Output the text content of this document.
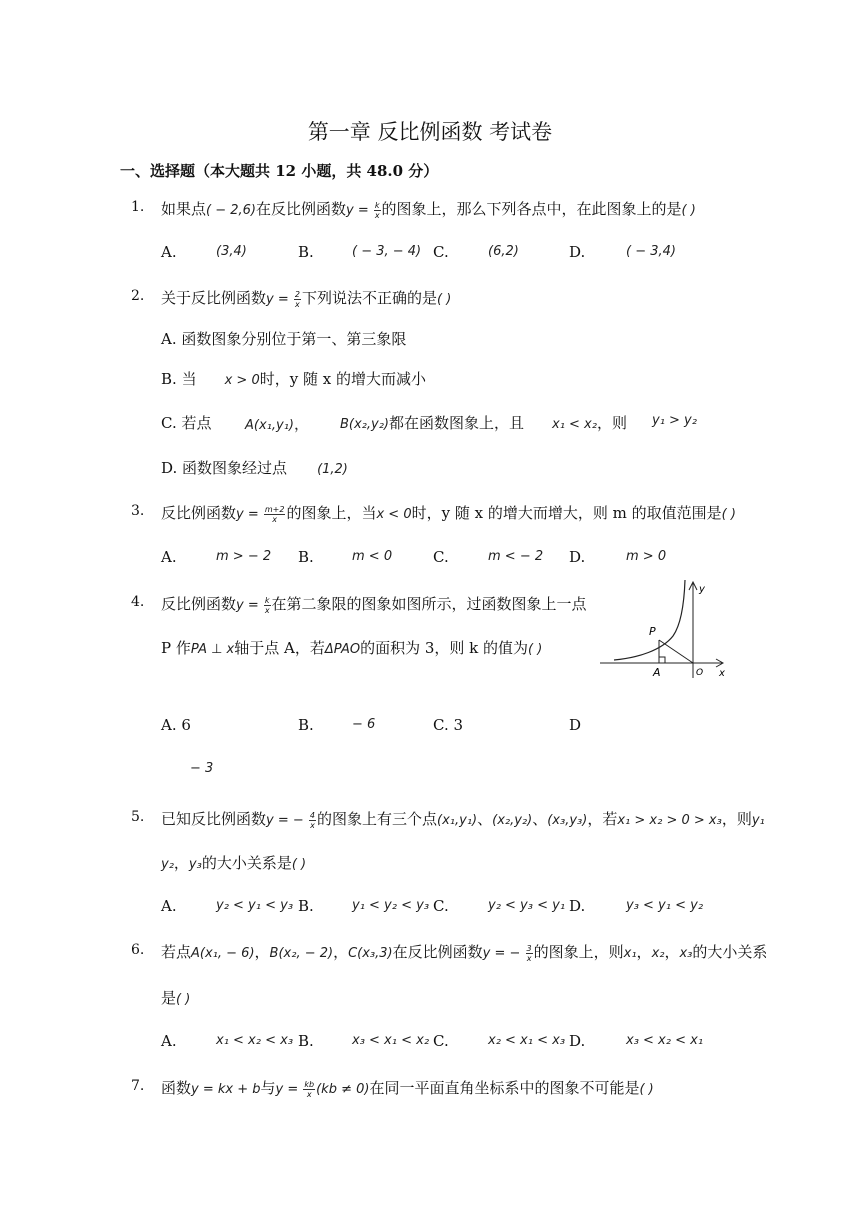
第一章 反比例函数 考试卷
一、选择题（本大题共 12 小题，共 48.0 分）
1. 如果点( − 2,6)在反比例函数$y = \frac{k}{x}$ 的图象上，那么下列各点中，在此图象上的是( )
A.	(3,4)	B.	( − 3, − 4) C.	(6,2)	D.	( − 3,4)
2. 关于反比例函数$y = \frac{2}{x}$ 下列说法不正确的是( )
A. 函数图象分别位于第一、第三象限
B. 当 x > 0时，y 随 x 的增大而减小
C. 若点	A(x₁,y₁)， B(x₂,y₂)都在函数图象上，且 x₁ < x₂，则 y₁ > y₂
D. 函数图象经过点 (1,2)
3. 反比例函数$y = \frac{m+2}{x}$ 的图象上，当x < 0时，y 随 x 的增大而增大，则 m 的取值范围是( )
A.	m > − 2 B.	m < 0	C.	m < − 2 D.	m > 0
4. 反比例函数$y = \frac{k}{x}$ 在第二象限的图象如图所示，过函数图象上一点
P 作PA ⊥ x轴于点 A，若ΔPAO的面积为 3，则 k 的值为( )
y
x
O
P
A
A. 6	B.	− 6	C. 3	D
− 3
5. 已知反比例函数y = − $\frac{4}{x}$ 的图象上有三个点(x₁,y₁)、(x₂,y₂)、(x₃,y₃)，若x₁ > x₂ > 0 > x₃，则y₁
y₂，y₃的大小关系是( )
A.	y₂ < y₁ < y₃ B.	y₁ < y₂ < y₃ C.	y₂ < y₃ < y₁ D.	y₃ < y₁ < y₂
6. 若点A(x₁, − 6)，B(x₂, − 2)，C(x₃,3)在反比例函数y = − $\frac{3}{x}$ 的图象上，则x₁，x₂，x₃的大小关系
是( )
A.	x₁ < x₂ < x₃ B.	x₃ < x₁ < x₂ C.	x₂ < x₁ < x₃ D.	x₃ < x₂ < x₁
7. 函数y = kx + b与$y = \frac{kb}{x} (kb \ne 0)$在同一平面直角坐标系中的图象不可能是( )
